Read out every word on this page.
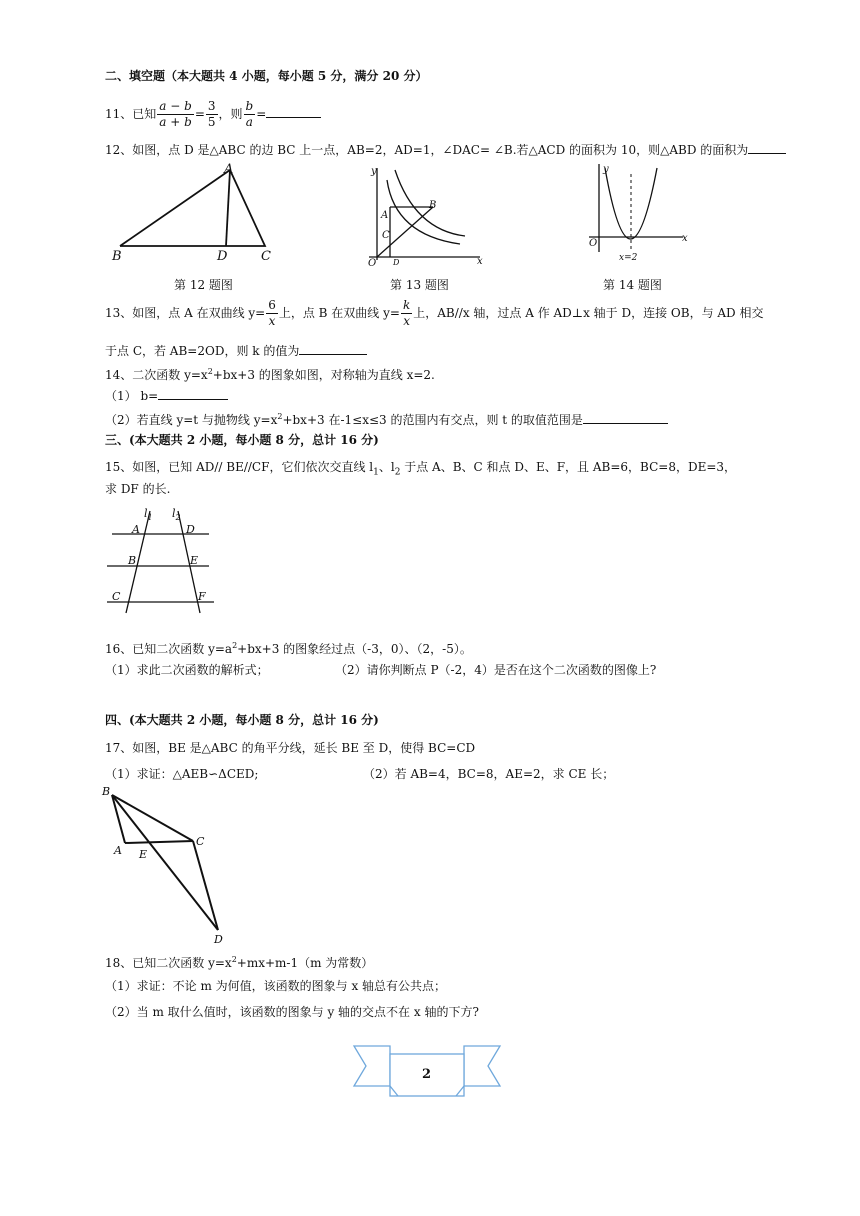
二、填空题（本大题共 4 小题，每小题 5 分，满分 20 分）
11、已知 $\frac{a - b}{a + b} = \frac{3}{5}$ ，则 $\frac{b}{a}$ =
12、如图，点 D 是△ABC 的边 BC 上一点，AB=2，AD=1，∠DAC= ∠B.若△ACD 的面积为 10，则△ABD 的面积为
A
B	D	C
第 12 题图
y
x
O
A
B
C
D
第 13 题图
y
x
O
x=2
第 14 题图
13、如图，点 A 在双曲线 $y= \frac{6}{x}$ 上，点 B 在双曲线 $y= \frac{k}{x}$ 上，AB//x 轴，过点 A 作 AD⊥x 轴于 D，连接 OB，与 AD 相交
于点 C，若 AB=2OD，则 k 的值为
14、二次函数 $y=x^2+bx+3$ 的图象如图，对称轴为直线 x=2.
（1） b=
（2）若直线 y=t 与抛物线 $y=x^2+bx+3$ 在-1≤x≤3 的范围内有交点，则 t 的取值范围是
三、(本大题共 2 小题，每小题 8 分，总计 16 分)
15、如图，已知 AD// BE//CF，它们依次交直线 $l_1$、$l_2$ 于点 A、B、C 和点 D、E、F，且 AB=6，BC=8，DE=3，
求 DF 的长.
$l_1$ $l_2$
A	D
B	E
C	F
16、已知二次函数 $y=a^2+bx+3$ 的图象经过点（-3，0）、（2，-5）。
（1）求此二次函数的解析式；	（2）请你判断点 P（-2，4）是否在这个二次函数的图像上?
四、(本大题共 2 小题，每小题 8 分，总计 16 分)
17、如图，BE 是△ABC 的角平分线，延长 BE 至 D，使得 BC=CD
（1）求证：△AEB∽ΔCED;	（2）若 AB=4，BC=8，AE=2，求 CE 长；
B
A E
C
D
18、已知二次函数 $y=x^2+mx+m-1(m$ 为常数）
（1）求证：不论 m 为何值，该函数的图象与 x 轴总有公共点；
（2）当 m 取什么值时，该函数的图象与 y 轴的交点不在 x 轴的下方?
2
